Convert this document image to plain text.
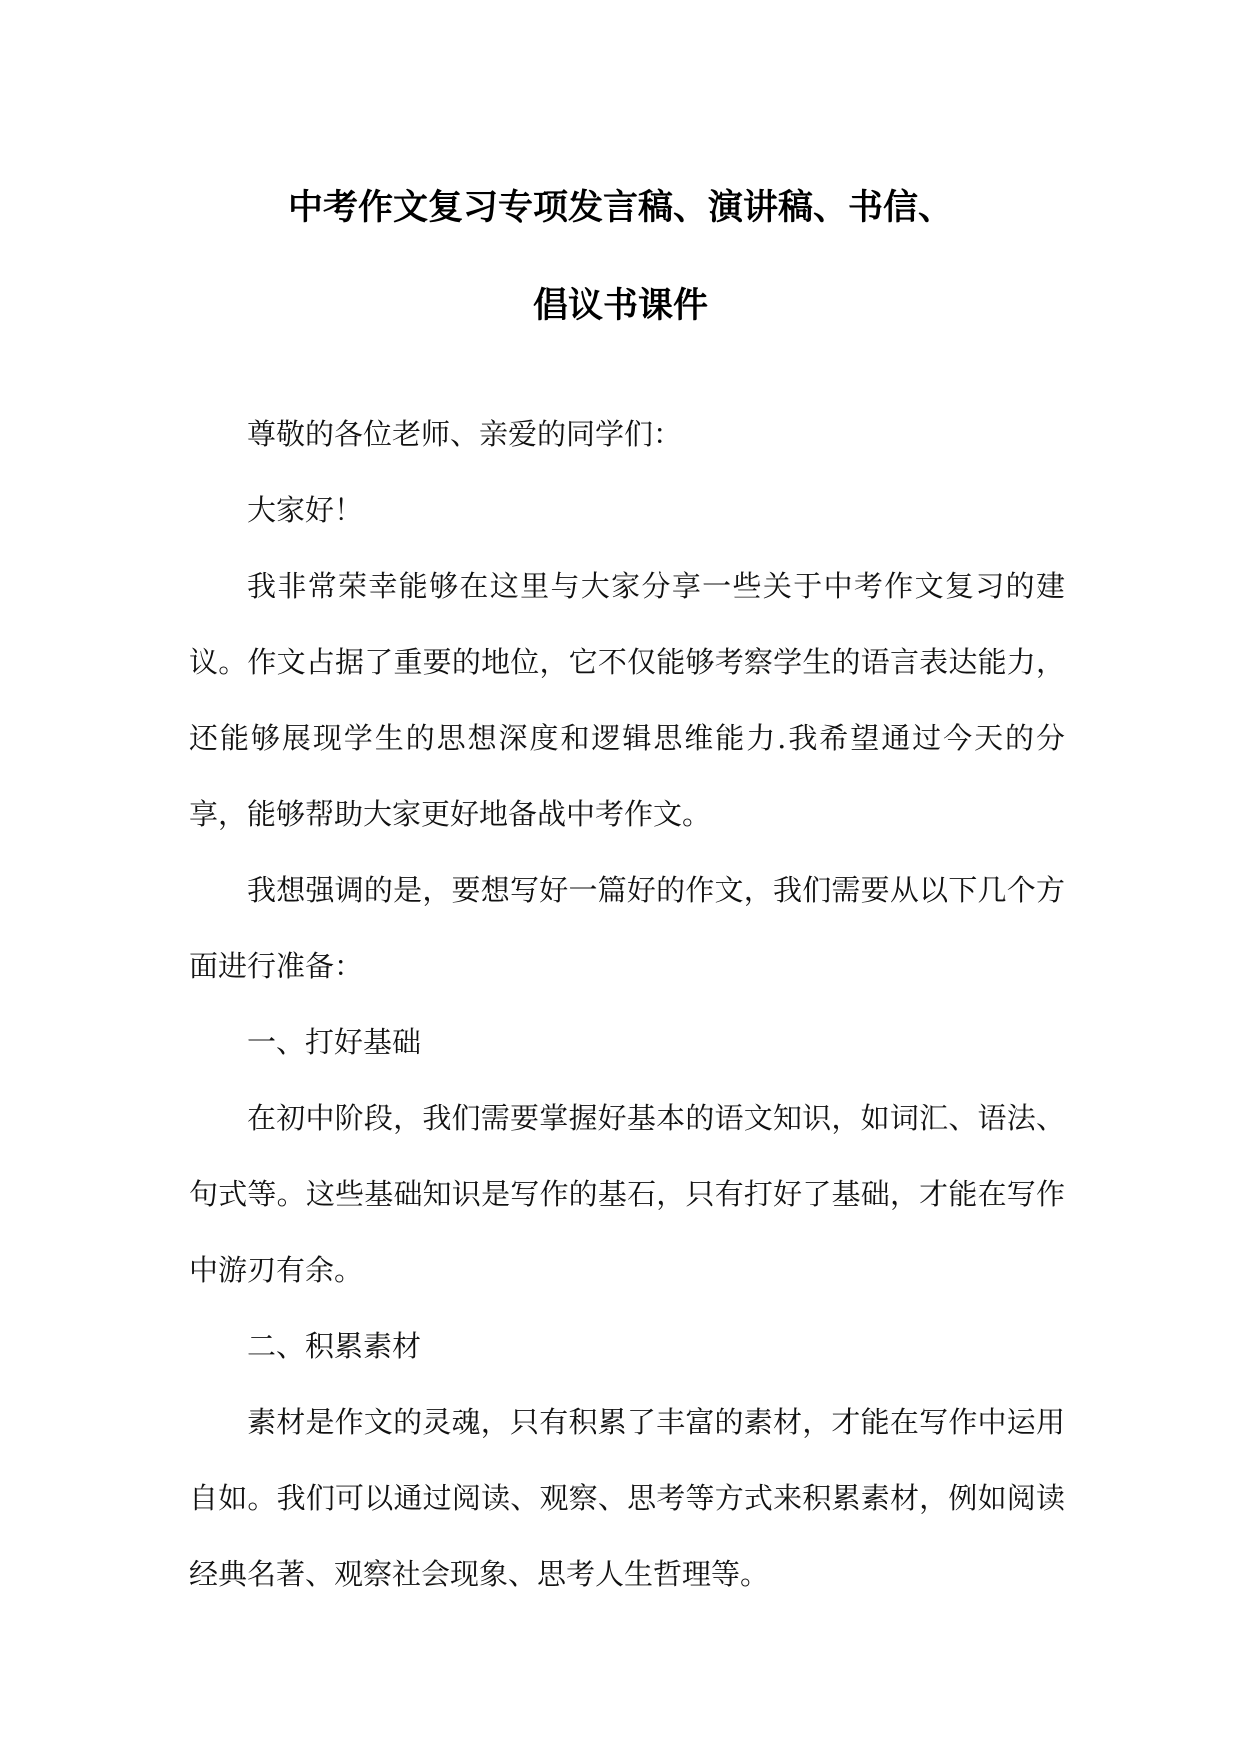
中考作文复习专项发言稿、演讲稿、书信、
倡议书课件

尊敬的各位老师、亲爱的同学们：

大家好！

我非常荣幸能够在这里与大家分享一些关于中考作文复习的建议。作文占据了重要的地位，它不仅能够考察学生的语言表达能力，还能够展现学生的思想深度和逻辑思维能力.我希望通过今天的分享，能够帮助大家更好地备战中考作文。

我想强调的是，要想写好一篇好的作文，我们需要从以下几个方面进行准备：

一、打好基础

在初中阶段，我们需要掌握好基本的语文知识，如词汇、语法、句式等。这些基础知识是写作的基石，只有打好了基础，才能在写作中游刃有余。

二、积累素材

素材是作文的灵魂，只有积累了丰富的素材，才能在写作中运用自如。我们可以通过阅读、观察、思考等方式来积累素材，例如阅读经典名著、观察社会现象、思考人生哲理等。
